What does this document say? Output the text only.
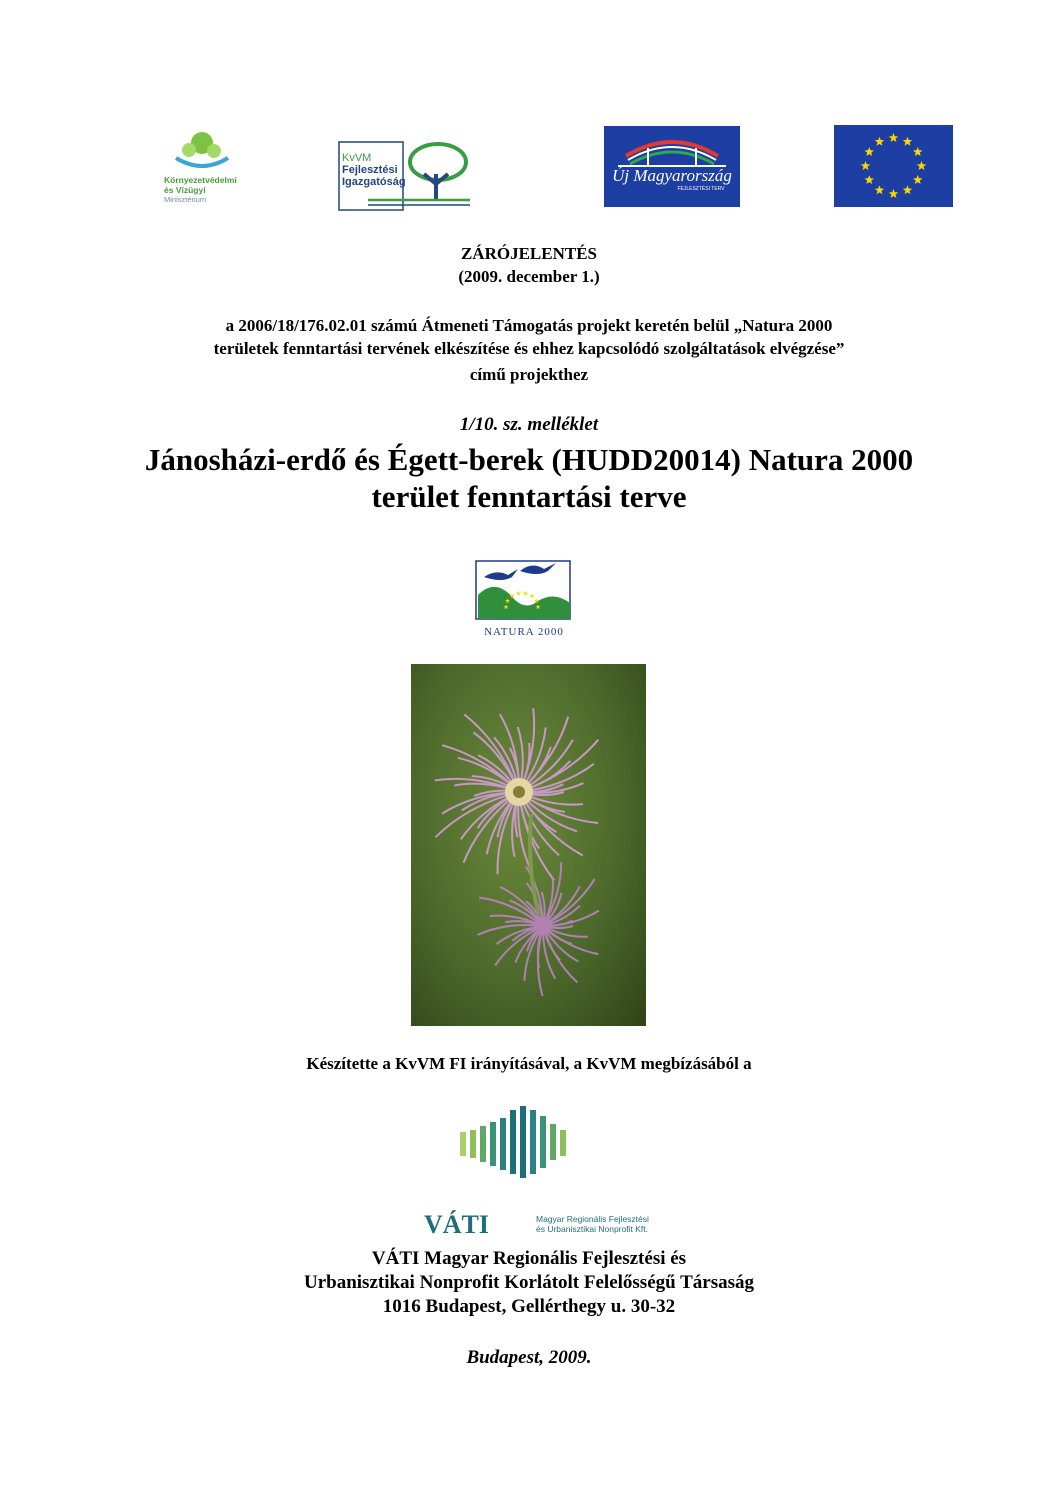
Környezetvédelmi
és Vízügyi
Minisztérium
KvVM
Fejlesztési
Igazgatóság	Új Magyarország
FEJLESZTÉSI TERV
ZÁRÓJELENTÉS
(2009. december 1.)
a 2006/18/176.02.01 számú Átmeneti Támogatás projekt keretén belül „Natura 2000
területek fenntartási tervének elkészítése és ehhez kapcsolódó szolgáltatások elvégzése”
című projekthez
1/10. sz. melléklet
Jánosházi-erdő és Égett-berek (HUDD20014) Natura 2000
terület fenntartási terve
NATURA 2000
Készítette a KvVM FI irányításával, a KvVM megbízásából a
VÁTI	Magyar Regionális Fejlesztési
és Urbanisztikai Nonprofit Kft.
VÁTI Magyar Regionális Fejlesztési és
Urbanisztikai Nonprofit Korlátolt Felelősségű Társaság
1016 Budapest, Gellérthegy u. 30-32
Budapest, 2009.
